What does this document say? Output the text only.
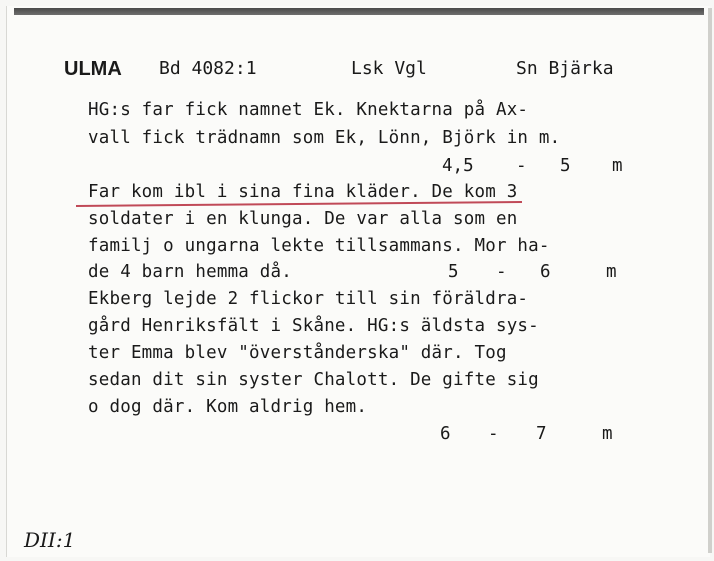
ULMA Bd 4082:1	Lsk Vgl	Sn Bjärka
HG:s far fick namnet Ek. Knektarna på Ax-
vall fick trädnamn som Ek, Lönn, Björk in m.
4,5 - 5 m
Far kom ibl i sina fina kläder. De kom 3
soldater i en klunga. De var alla som en
familj o ungarna lekte tillsammans. Mor ha-
de 4 barn hemma då.	5 - 6	m
Ekberg lejde 2 flickor till sin föräldra-
gård Henriksfält i Skåne. HG:s äldsta sys-
ter Emma blev "överstånderska" där. Tog
sedan dit sin syster Chalott. De gifte sig
o dog där. Kom aldrig hem.
6 - 7	m
DII:1
